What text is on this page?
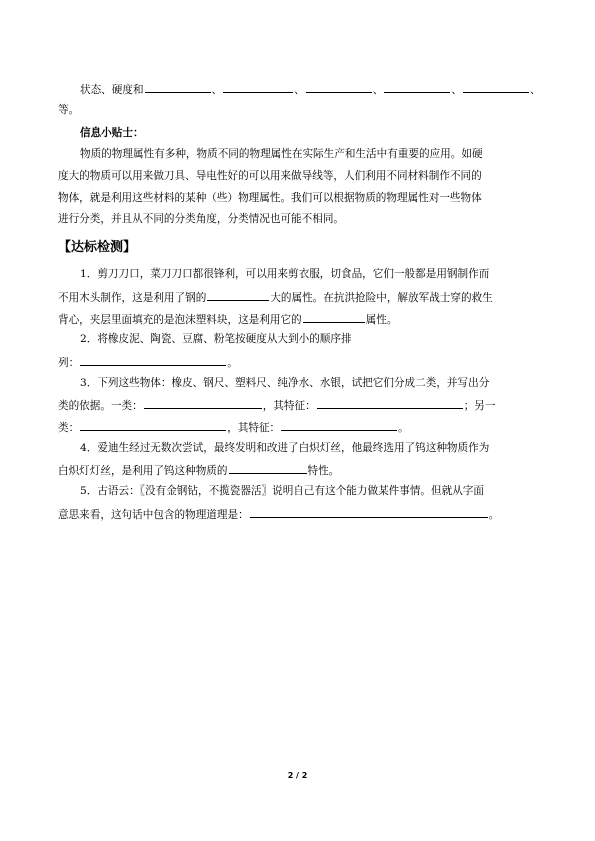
状态、硬度和	、	、	、	、	、
等。
信息小贴士：
物质的物理属性有多种，物质不同的物理属性在实际生产和生活中有重要的应用。如硬
度大的物质可以用来做刀具、导电性好的可以用来做导线等，人们利用不同材料制作不同的
物体，就是利用这些材料的某种（些）物理属性。我们可以根据物质的物理属性对一些物体
进行分类，并且从不同的分类角度，分类情况也可能不相同。
【达标检测】
1．剪刀刀口，菜刀刀口都很锋利，可以用来剪衣服，切食品，它们一般都是用钢制作而
不用木头制作，这是利用了钢的	大的属性。在抗洪抢险中，解放军战士穿的救生
背心，夹层里面填充的是泡沫塑料块，这是利用它的	属性。
2．将橡皮泥、陶瓷、豆腐、粉笔按硬度从大到小的顺序排
列：	。
3．下列这些物体：橡皮、钢尺、塑料尺、纯净水、水银，试把它们分成二类，并写出分
类的依据。一类：	，其特征：	；另一
类：	，其特征：	。
4．爱迪生经过无数次尝试，最终发明和改进了白炽灯丝，他最终选用了钨这种物质作为
白炽灯灯丝，是利用了钨这种物质的	特性。
5．古语云：〖没有金钢钻，不揽瓷器活〗说明自己有这个能力做某件事情。但就从字面
意思来看，这句话中包含的物理道理是：	。
2 / 2
